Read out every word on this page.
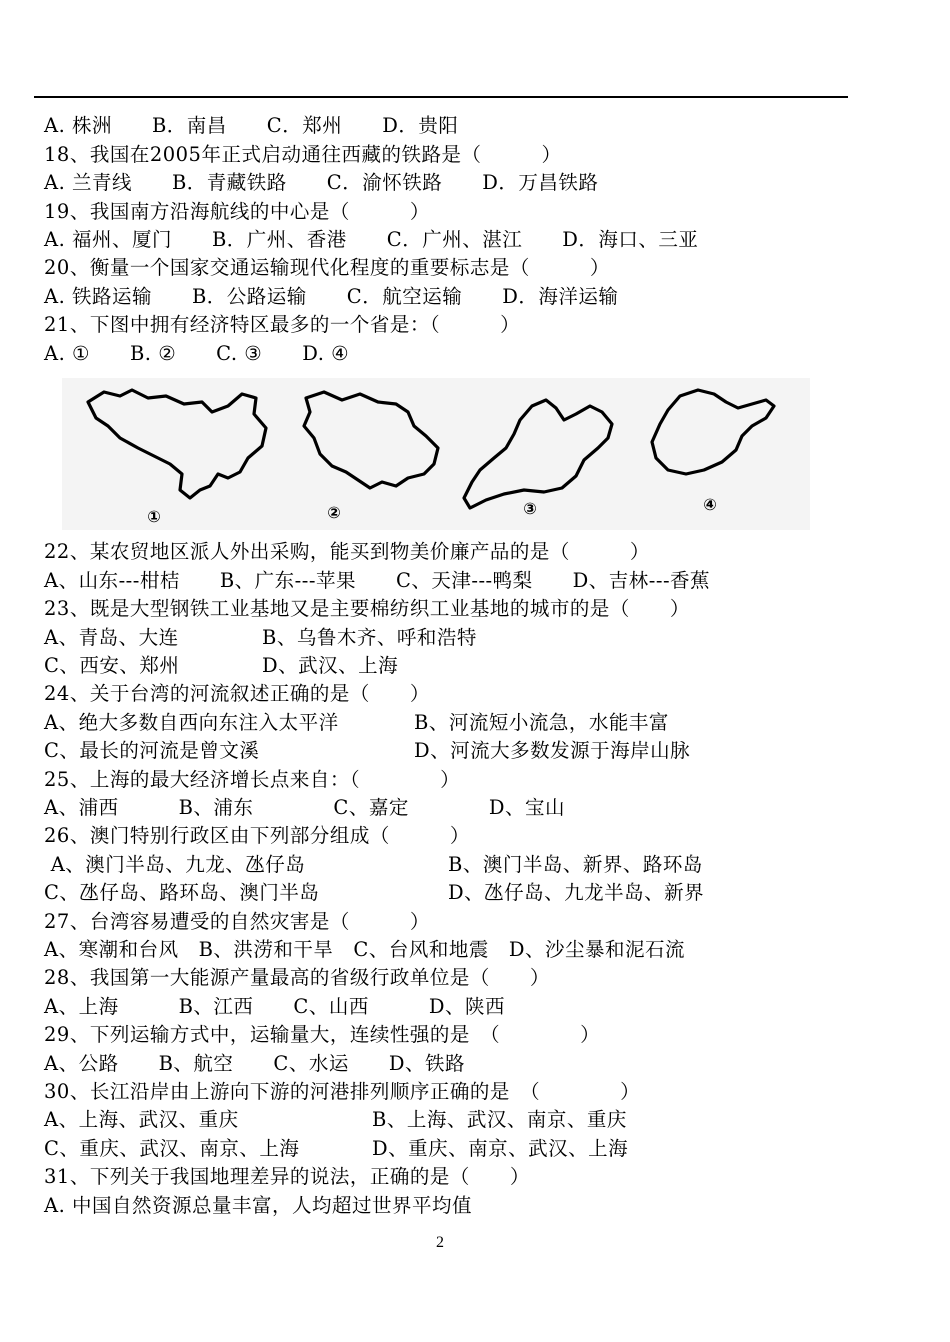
A. 株洲　　B．南昌　　C．郑州　　D．贵阳
18、我国在2005年正式启动通往西藏的铁路是（　　　）
A. 兰青线　　B．青藏铁路　　C．渝怀铁路　　D．万昌铁路
19、我国南方沿海航线的中心是（　　　）
A. 福州、厦门　　B．广州、香港　　C．广州、湛江　　D．海口、三亚
20、衡量一个国家交通运输现代化程度的重要标志是（　　　）
A. 铁路运输　　B．公路运输　　C．航空运输　　D．海洋运输
21、下图中拥有经济特区最多的一个省是：（　　　）
A. ①　　B. ②　　C. ③　　D. ④
①	②	③	④
22、某农贸地区派人外出采购，能买到物美价廉产品的是（　　　）
A、山东---柑桔　　B、广东---苹果　　C、天津---鸭梨　　D、吉林---香蕉
23、既是大型钢铁工业基地又是主要棉纺织工业基地的城市的是（　　）
A、青岛、大连	B、乌鲁木齐、呼和浩特
C、西安、郑州	D、武汉、上海
24、关于台湾的河流叙述正确的是（　　）
A、绝大多数自西向东注入太平洋	B、河流短小流急，水能丰富
C、最长的河流是曾文溪	D、河流大多数发源于海岸山脉
25、上海的最大经济增长点来自：（　　　　）
A、浦西　　　B、浦东　　　　C、嘉定　　　　D、宝山
26、澳门特别行政区由下列部分组成（　　　）
A、澳门半岛、九龙、氹仔岛	B、澳门半岛、新界、路环岛
C、氹仔岛、路环岛、澳门半岛	D、氹仔岛、九龙半岛、新界
27、台湾容易遭受的自然灾害是（　　　）
A、寒潮和台风　B、洪涝和干旱　C、台风和地震　D、沙尘暴和泥石流
28、我国第一大能源产量最高的省级行政单位是（　　）
A、上海　　　B、江西　　C、山西　　　D、陕西
29、下列运输方式中，运输量大，连续性强的是　（　　　　）
A、公路　　B、航空　　C、水运　　D、铁路
30、长江沿岸由上游向下游的河港排列顺序正确的是　（　　　　）
A、上海、武汉、重庆	B、上海、武汉、南京、重庆
C、重庆、武汉、南京、上海	D、重庆、南京、武汉、上海
31、下列关于我国地理差异的说法，正确的是（　　）
A. 中国自然资源总量丰富，人均超过世界平均值
2
